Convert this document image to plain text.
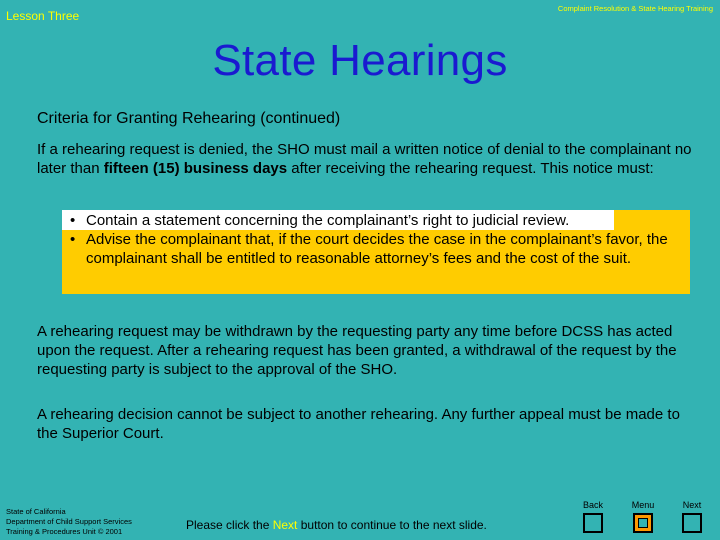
Lesson Three
Complaint Resolution & State Hearing Training
State Hearings
Criteria for Granting Rehearing (continued)
If a rehearing request is denied, the SHO must mail a written notice of denial to the complainant no later than fifteen (15) business days after receiving the rehearing request. This notice must:
• Contain a statement concerning the complainant’s right to judicial review.
• Advise the complainant that, if the court decides the case in the complainant’s favor, the complainant shall be entitled to reasonable attorney’s fees and the cost of the suit.
A rehearing request may be withdrawn by the requesting party any time before DCSS has acted upon the request. After a rehearing request has been granted, a withdrawal of the request by the requesting party is subject to the approval of the SHO.
A rehearing decision cannot be subject to another rehearing. Any further appeal must be made to the Superior Court.
State of California
Department of Child Support Services
Training & Procedures Unit © 2001	Please click the Next button to continue to the next slide.
Back	Menu	Next
